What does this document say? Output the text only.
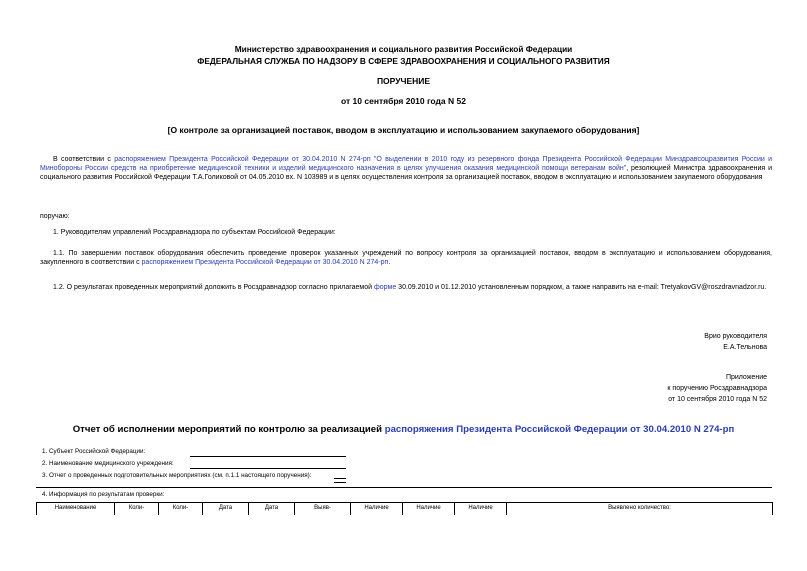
Министерство здравоохранения и социального развития Российской Федерации
ФЕДЕРАЛЬНАЯ СЛУЖБА ПО НАДЗОРУ В СФЕРЕ ЗДРАВООХРАНЕНИЯ И СОЦИАЛЬНОГО РАЗВИТИЯ
ПОРУЧЕНИЕ
от 10 сентября 2010 года N 52
[О контроле за организацией поставок, вводом в эксплуатацию и использованием закупаемого оборудования]
В соответствии с распоряжением Президента Российской Федерации от 30.04.2010 N 274-рп "О выделении в 2010 году из резервного фонда Президента Российской Федерации Минздравсоцразвития России и Минобороны России средств на приобретение медицинской техники и изделий медицинского назначения в целях улучшения оказания медицинской помощи ветеранам войн", резолюцией Министра здравоохранения и социального развития Российской Федерации Т.А.Голиковой от 04.05.2010 вх. N 103989 и в целях осуществления контроля за организацией поставок, вводом в эксплуатацию и использованием закупаемого оборудования
поручаю:
1. Руководителям управлений Росздравнадзора по субъектам Российской Федерации:
1.1. По завершении поставок оборудования обеспечить проведение проверок указанных учреждений по вопросу контроля за организацией поставок, вводом в эксплуатацию и использованием оборудования, закупленного в соответствии с распоряжением Президента Российской Федерации от 30.04.2010 N 274-рп.
1.2. О результатах проведенных мероприятий доложить в Росздравнадзор согласно прилагаемой форме 30.09.2010 и 01.12.2010 установленным порядком, а также направить на e-mail: TretyakovGV@roszdravnadzor.ru.
Врио руководителя
Е.А.Тельнова
Приложение
к поручению Росздравнадзора
от 10 сентября 2010 года N 52
Отчет об исполнении мероприятий по контролю за реализацией распоряжения Президента Российской Федерации от 30.04.2010 N 274-рп
1. Субъект Российской Федерации:
2. Наименование медицинского учреждения:
3. Отчет о проведенных подготовительных мероприятиях (см. п.1.1 настоящего поручения):
4. Информация по результатам проверки:
Наименование	Коли-	Коли-	Дата	Дата	Выяв-	Наличие	Наличие	Наличие	Выявлено количество:
